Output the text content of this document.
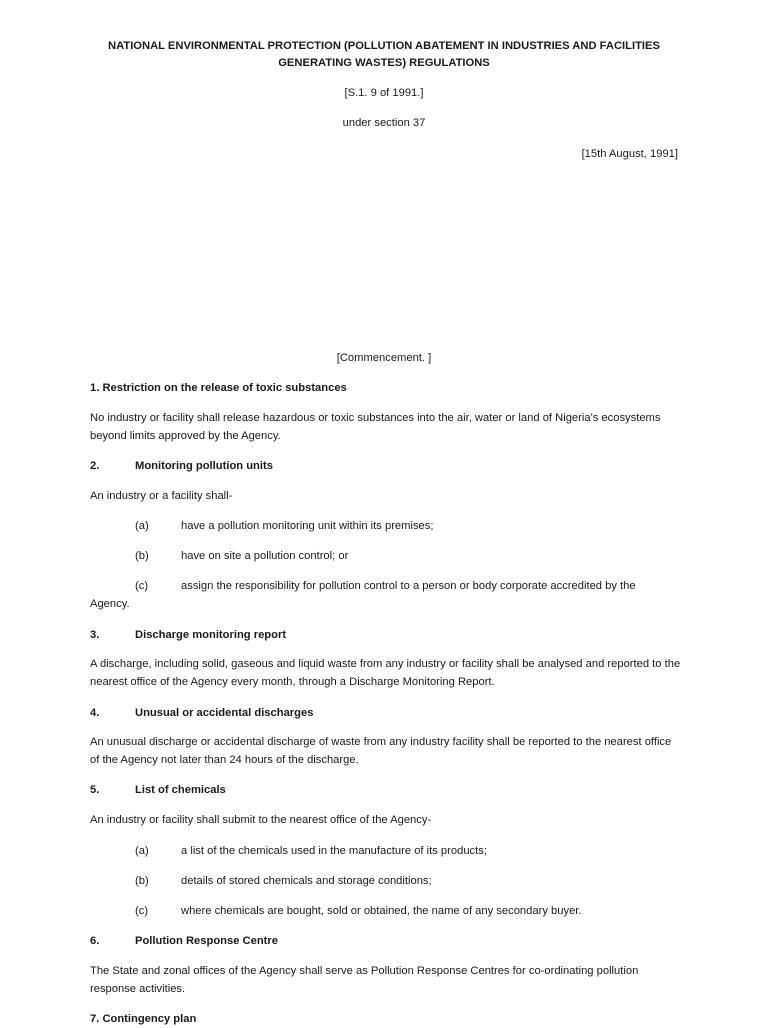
NATIONAL ENVIRONMENTAL PROTECTION (POLLUTION ABATEMENT IN INDUSTRIES AND FACILITIES
GENERATING WASTES) REGULATIONS
[S.1. 9 of 1991.]
under section 37
[15th August, 1991]
[Commencement. ]
1. Restriction on the release of toxic substances
No industry or facility shall release hazardous or toxic substances into the air, water or land of Nigeria's ecosystems beyond limits approved by the Agency.
2.	Monitoring pollution units
An industry or a facility shall-
(a)	have a pollution monitoring unit within its premises;
(b)	have on site a pollution control; or
(c)	assign the responsibility for pollution control to a person or body corporate accredited by the
Agency.
3.	Discharge monitoring report
A discharge, including solid, gaseous and liquid waste from any industry or facility shall be analysed and reported to the nearest office of the Agency every month, through a Discharge Monitoring Report.
4.	Unusual or accidental discharges
An unusual discharge or accidental discharge of waste from any industry facility shall be reported to the nearest office of the Agency not later than 24 hours of the discharge.
5.	List of chemicals
An industry or facility shall submit to the nearest office of the Agency-
(a)	a list of the chemicals used in the manufacture of its products;
(b)	details of stored chemicals and storage conditions;
(c)	where chemicals are bought, sold or obtained, the name of any secondary buyer.
6.	Pollution Response Centre
The State and zonal offices of the Agency shall serve as Pollution Response Centres for co-ordinating pollution response activities.
7. Contingency plan
